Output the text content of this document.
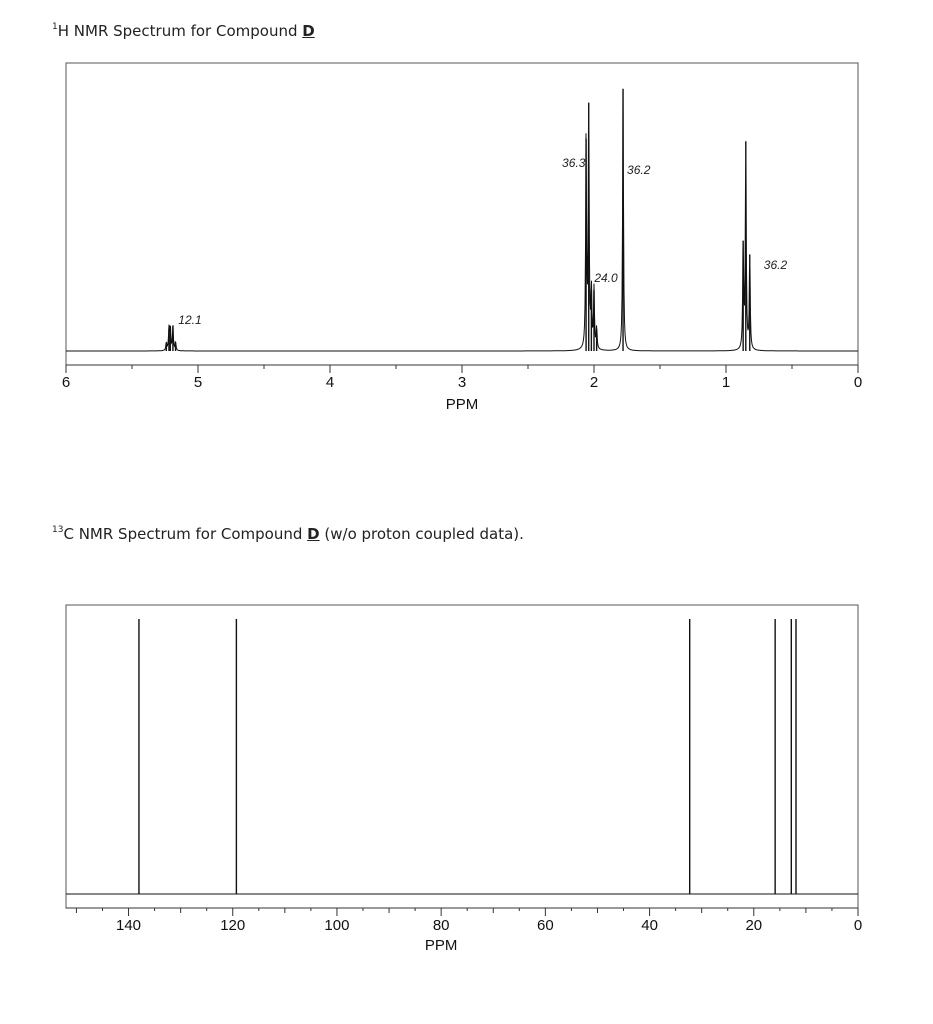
$^1$H NMR Spectrum for Compound D
$^{13}$C NMR Spectrum for Compound D (w/o proton coupled data).
6	5	4	3	2	1	0
PPM
12.1
36.3
24.0
36.2
36.2
140	120	100	80	60	40	20	0
PPM
